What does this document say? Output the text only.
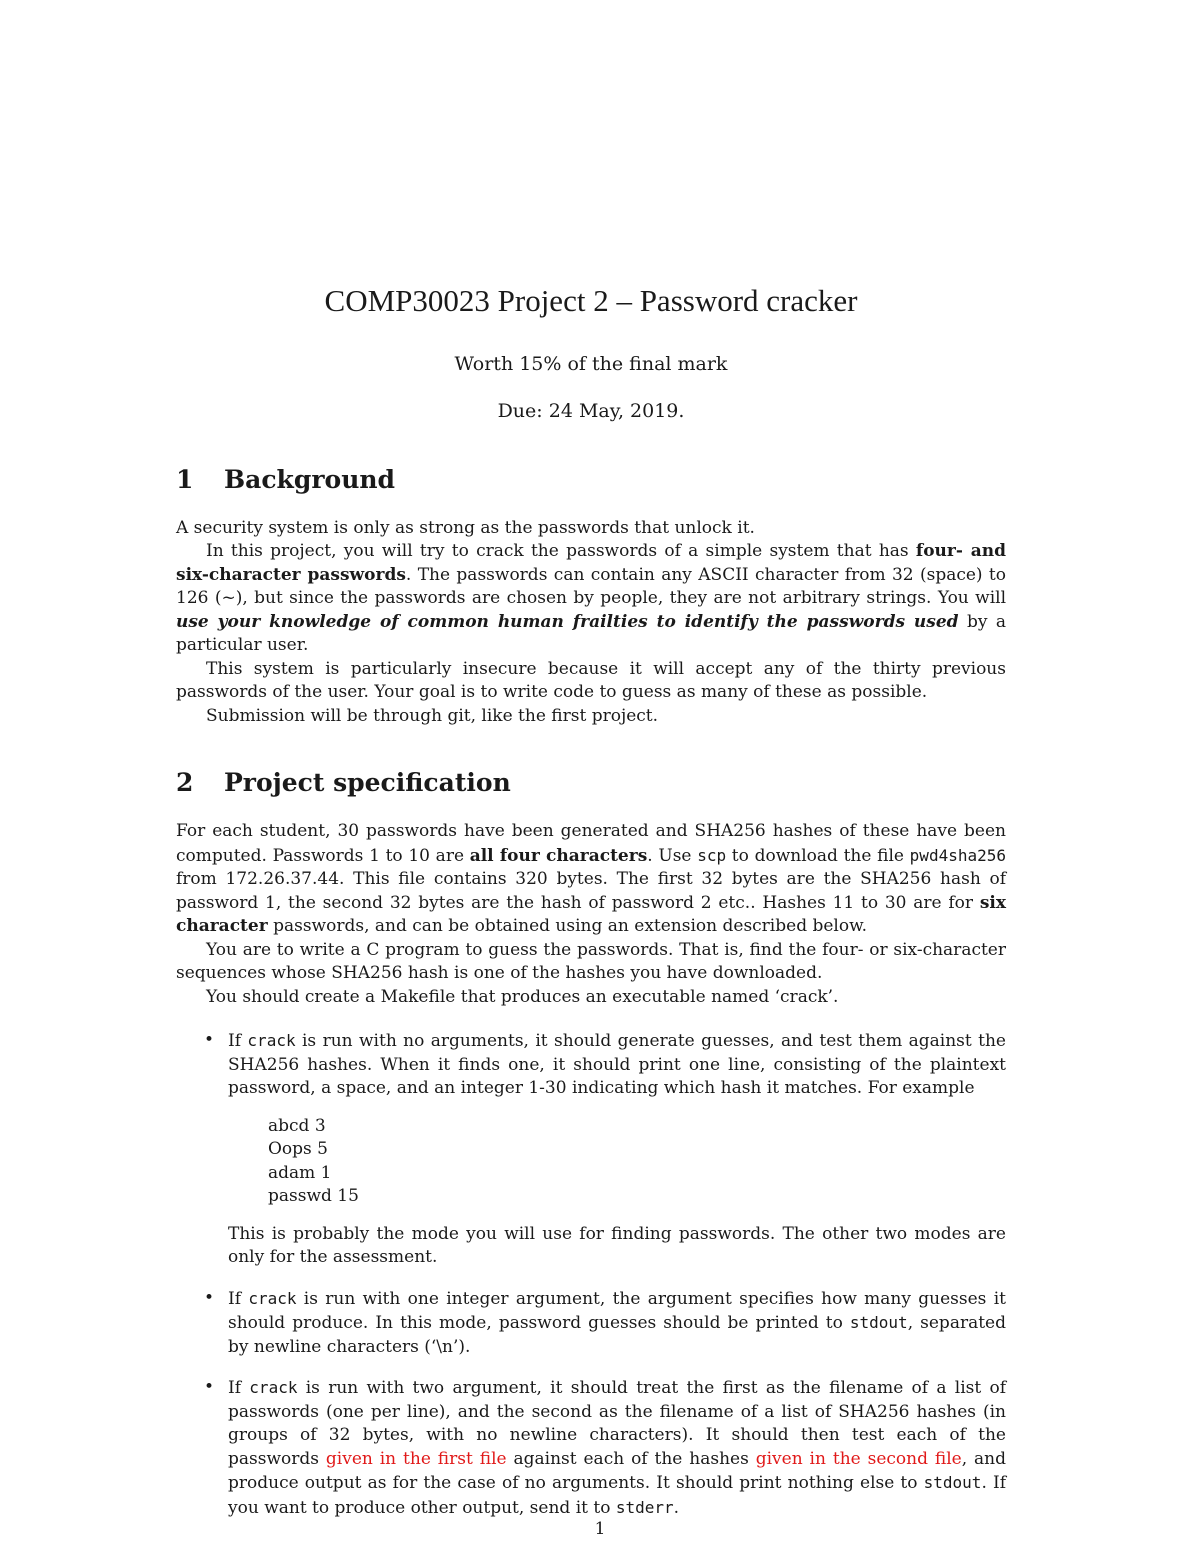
COMP30023 Project 2 – Password cracker
Worth 15% of the final mark
Due: 24 May, 2019.
1 Background

A security system is only as strong as the passwords that unlock it.

In this project, you will try to crack the passwords of a simple system that has four- and six-character passwords. The passwords can contain any ASCII character from 32 (space) to 126 (~), but since the passwords are chosen by people, they are not arbitrary strings. You will use your knowledge of common human frailties to identify the passwords used by a particular user.

This system is particularly insecure because it will accept any of the thirty previous passwords of the user. Your goal is to write code to guess as many of these as possible.

Submission will be through git, like the first project.

2 Project specification

For each student, 30 passwords have been generated and SHA256 hashes of these have been computed. Passwords 1 to 10 are all four characters. Use scp to download the file pwd4sha256 from 172.26.37.44. This file contains 320 bytes. The first 32 bytes are the SHA256 hash of password 1, the second 32 bytes are the hash of password 2 etc.. Hashes 11 to 30 are for six character passwords, and can be obtained using an extension described below.

You are to write a C program to guess the passwords. That is, find the four- or six-character sequences whose SHA256 hash is one of the hashes you have downloaded.

You should create a Makefile that produces an executable named ‘crack’.

• If crack is run with no arguments, it should generate guesses, and test them against the SHA256 hashes. When it finds one, it should print one line, consisting of the plaintext password, a space, and an integer 1-30 indicating which hash it matches. For example

abcd 3
Oops 5
adam 1
passwd 15

This is probably the mode you will use for finding passwords. The other two modes are only for the assessment.

• If crack is run with one integer argument, the argument specifies how many guesses it should produce. In this mode, password guesses should be printed to stdout, separated by newline characters (‘\n’).

• If crack is run with two argument, it should treat the first as the filename of a list of passwords (one per line), and the second as the filename of a list of SHA256 hashes (in groups of 32 bytes, with no newline characters). It should then test each of the passwords given in the first file against each of the hashes given in the second file, and produce output as for the case of no arguments. It should print nothing else to stdout. If you want to produce other output, send it to stderr.

1
